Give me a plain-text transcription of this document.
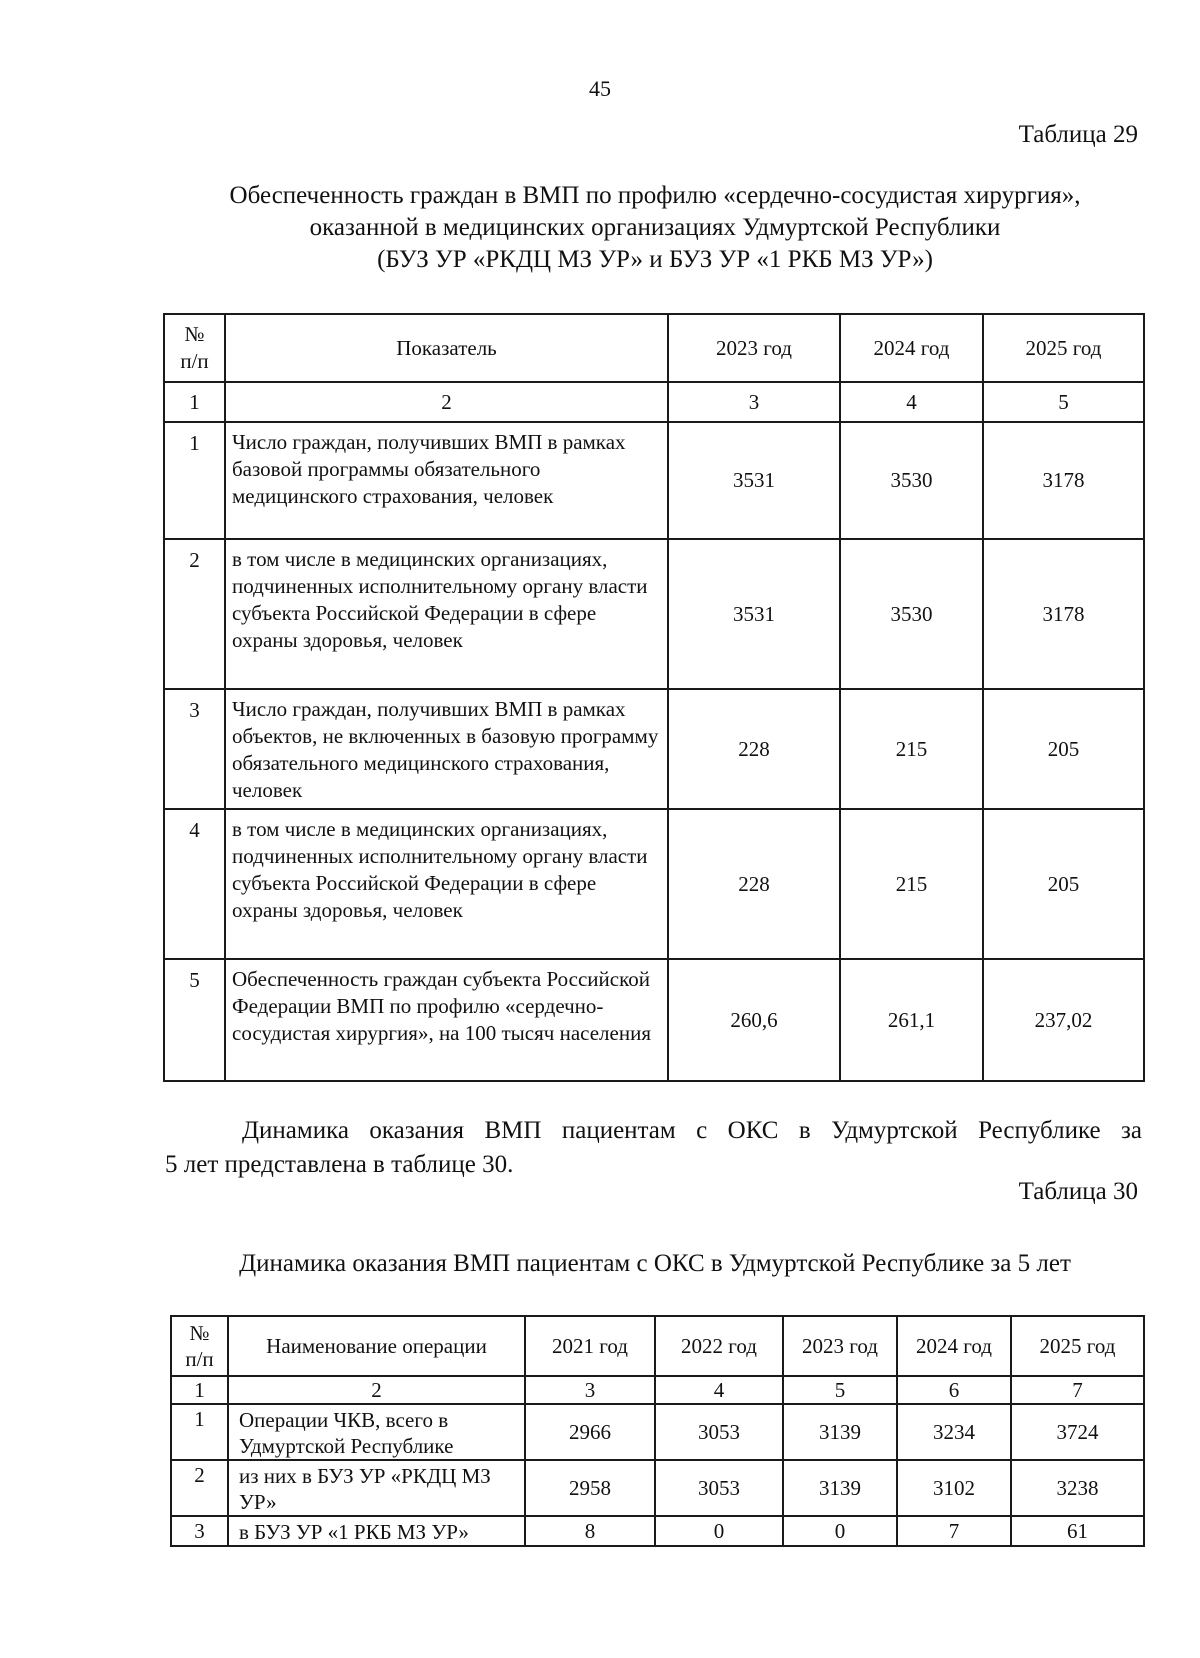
45
Таблица 29
Обеспеченность граждан в ВМП по профилю «сердечно-сосудистая хирургия»,
оказанной в медицинских организациях Удмуртской Республики
(БУЗ УР «РКДЦ МЗ УР» и БУЗ УР «1 РКБ МЗ УР»)
№
п/п	Показатель	2023 год	2024 год	2025 год
1	2	3	4	5
1	Число граждан, получивших ВМП в рамках базовой программы обязательного медицинского страхования, человек	3531	3530	3178
2	в том числе в медицинских организациях, подчиненных исполнительному органу власти субъекта Российской Федерации в сфере охраны здоровья, человек	3531	3530	3178
3	Число граждан, получивших ВМП в рамках объектов, не включенных в базовую программу обязательного медицинского страхования, человек	228	215	205
4	в том числе в медицинских организациях, подчиненных исполнительному органу власти субъекта Российской Федерации в сфере охраны здоровья, человек	228	215	205
5	Обеспеченность граждан субъекта Российской Федерации ВМП по профилю «сердечно-сосудистая хирургия», на 100 тысяч населения	260,6	261,1	237,02
Динамика оказания ВМП пациентам с ОКС в Удмуртской Республике за
5 лет представлена в таблице 30.
Таблица 30
Динамика оказания ВМП пациентам с ОКС в Удмуртской Республике за 5 лет
№
п/п	Наименование операции	2021 год	2022 год	2023 год	2024 год	2025 год
1	2	3	4	5	6	7
1	Операции ЧКВ, всего в Удмуртской Республике	2966	3053	3139	3234	3724
2	из них в БУЗ УР «РКДЦ МЗ УР»	2958	3053	3139	3102	3238
3	в БУЗ УР «1 РКБ МЗ УР»	8	0	0	7	61
